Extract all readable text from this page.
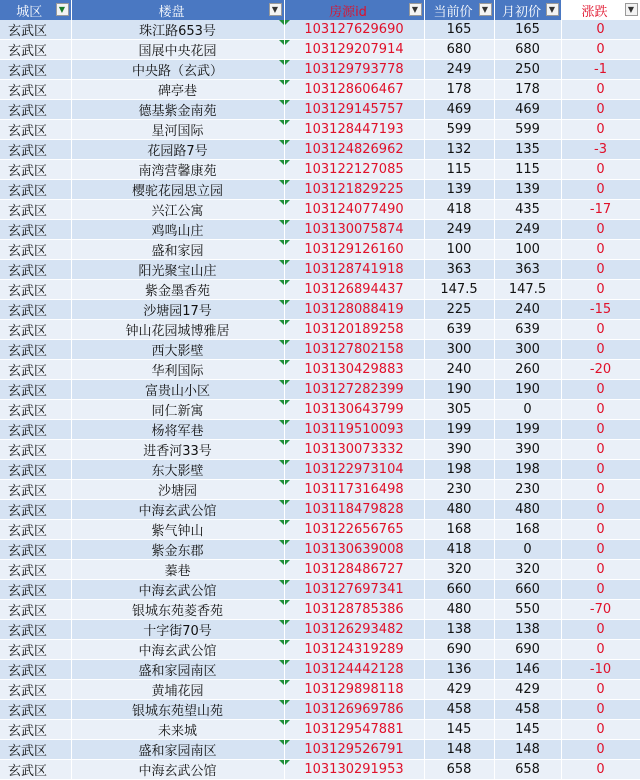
城区 ▼	楼盘 ▼	房源id ▼	当前价 ▼	月初价 ▼	涨跌 ▼

玄武区	珠江路653号	103127629690	165	165	0
玄武区	国展中央花园	103129207914	680	680	0
玄武区	中央路（玄武）	103129793778	249	250	-1
玄武区	碑亭巷	103128606467	178	178	0
玄武区	德基紫金南苑	103129145757	469	469	0
玄武区	星河国际	103128447193	599	599	0
玄武区	花园路7号	103124826962	132	135	-3
玄武区	南湾营馨康苑	103122127085	115	115	0
玄武区	樱驼花园思立园	103121829225	139	139	0
玄武区	兴江公寓	103124077490	418	435	-17
玄武区	鸡鸣山庄	103130075874	249	249	0
玄武区	盛和家园	103129126160	100	100	0
玄武区	阳光聚宝山庄	103128741918	363	363	0
玄武区	紫金墨香苑	103126894437	147.5	147.5	0
玄武区	沙塘园17号	103128088419	225	240	-15
玄武区	钟山花园城博雅居	103120189258	639	639	0
玄武区	西大影壁	103127802158	300	300	0
玄武区	华利国际	103130429883	240	260	-20
玄武区	富贵山小区	103127282399	190	190	0
玄武区	同仁新寓	103130643799	305	0	0
玄武区	杨将军巷	103119510093	199	199	0
玄武区	进香河33号	103130073332	390	390	0
玄武区	东大影壁	103122973104	198	198	0
玄武区	沙塘园	103117316498	230	230	0
玄武区	中海玄武公馆	103118479828	480	480	0
玄武区	紫气钟山	103122656765	168	168	0
玄武区	紫金东郡	103130639008	418	0	0
玄武区	蓁巷	103128486727	320	320	0
玄武区	中海玄武公馆	103127697341	660	660	0
玄武区	银城东苑菱香苑	103128785386	480	550	-70
玄武区	十字街70号	103126293482	138	138	0
玄武区	中海玄武公馆	103124319289	690	690	0
玄武区	盛和家园南区	103124442128	136	146	-10
玄武区	黄埔花园	103129898118	429	429	0
玄武区	银城东苑望山苑	103126969786	458	458	0
玄武区	未来城	103129547881	145	145	0
玄武区	盛和家园南区	103129526791	148	148	0
玄武区	中海玄武公馆	103130291953	658	658	0
